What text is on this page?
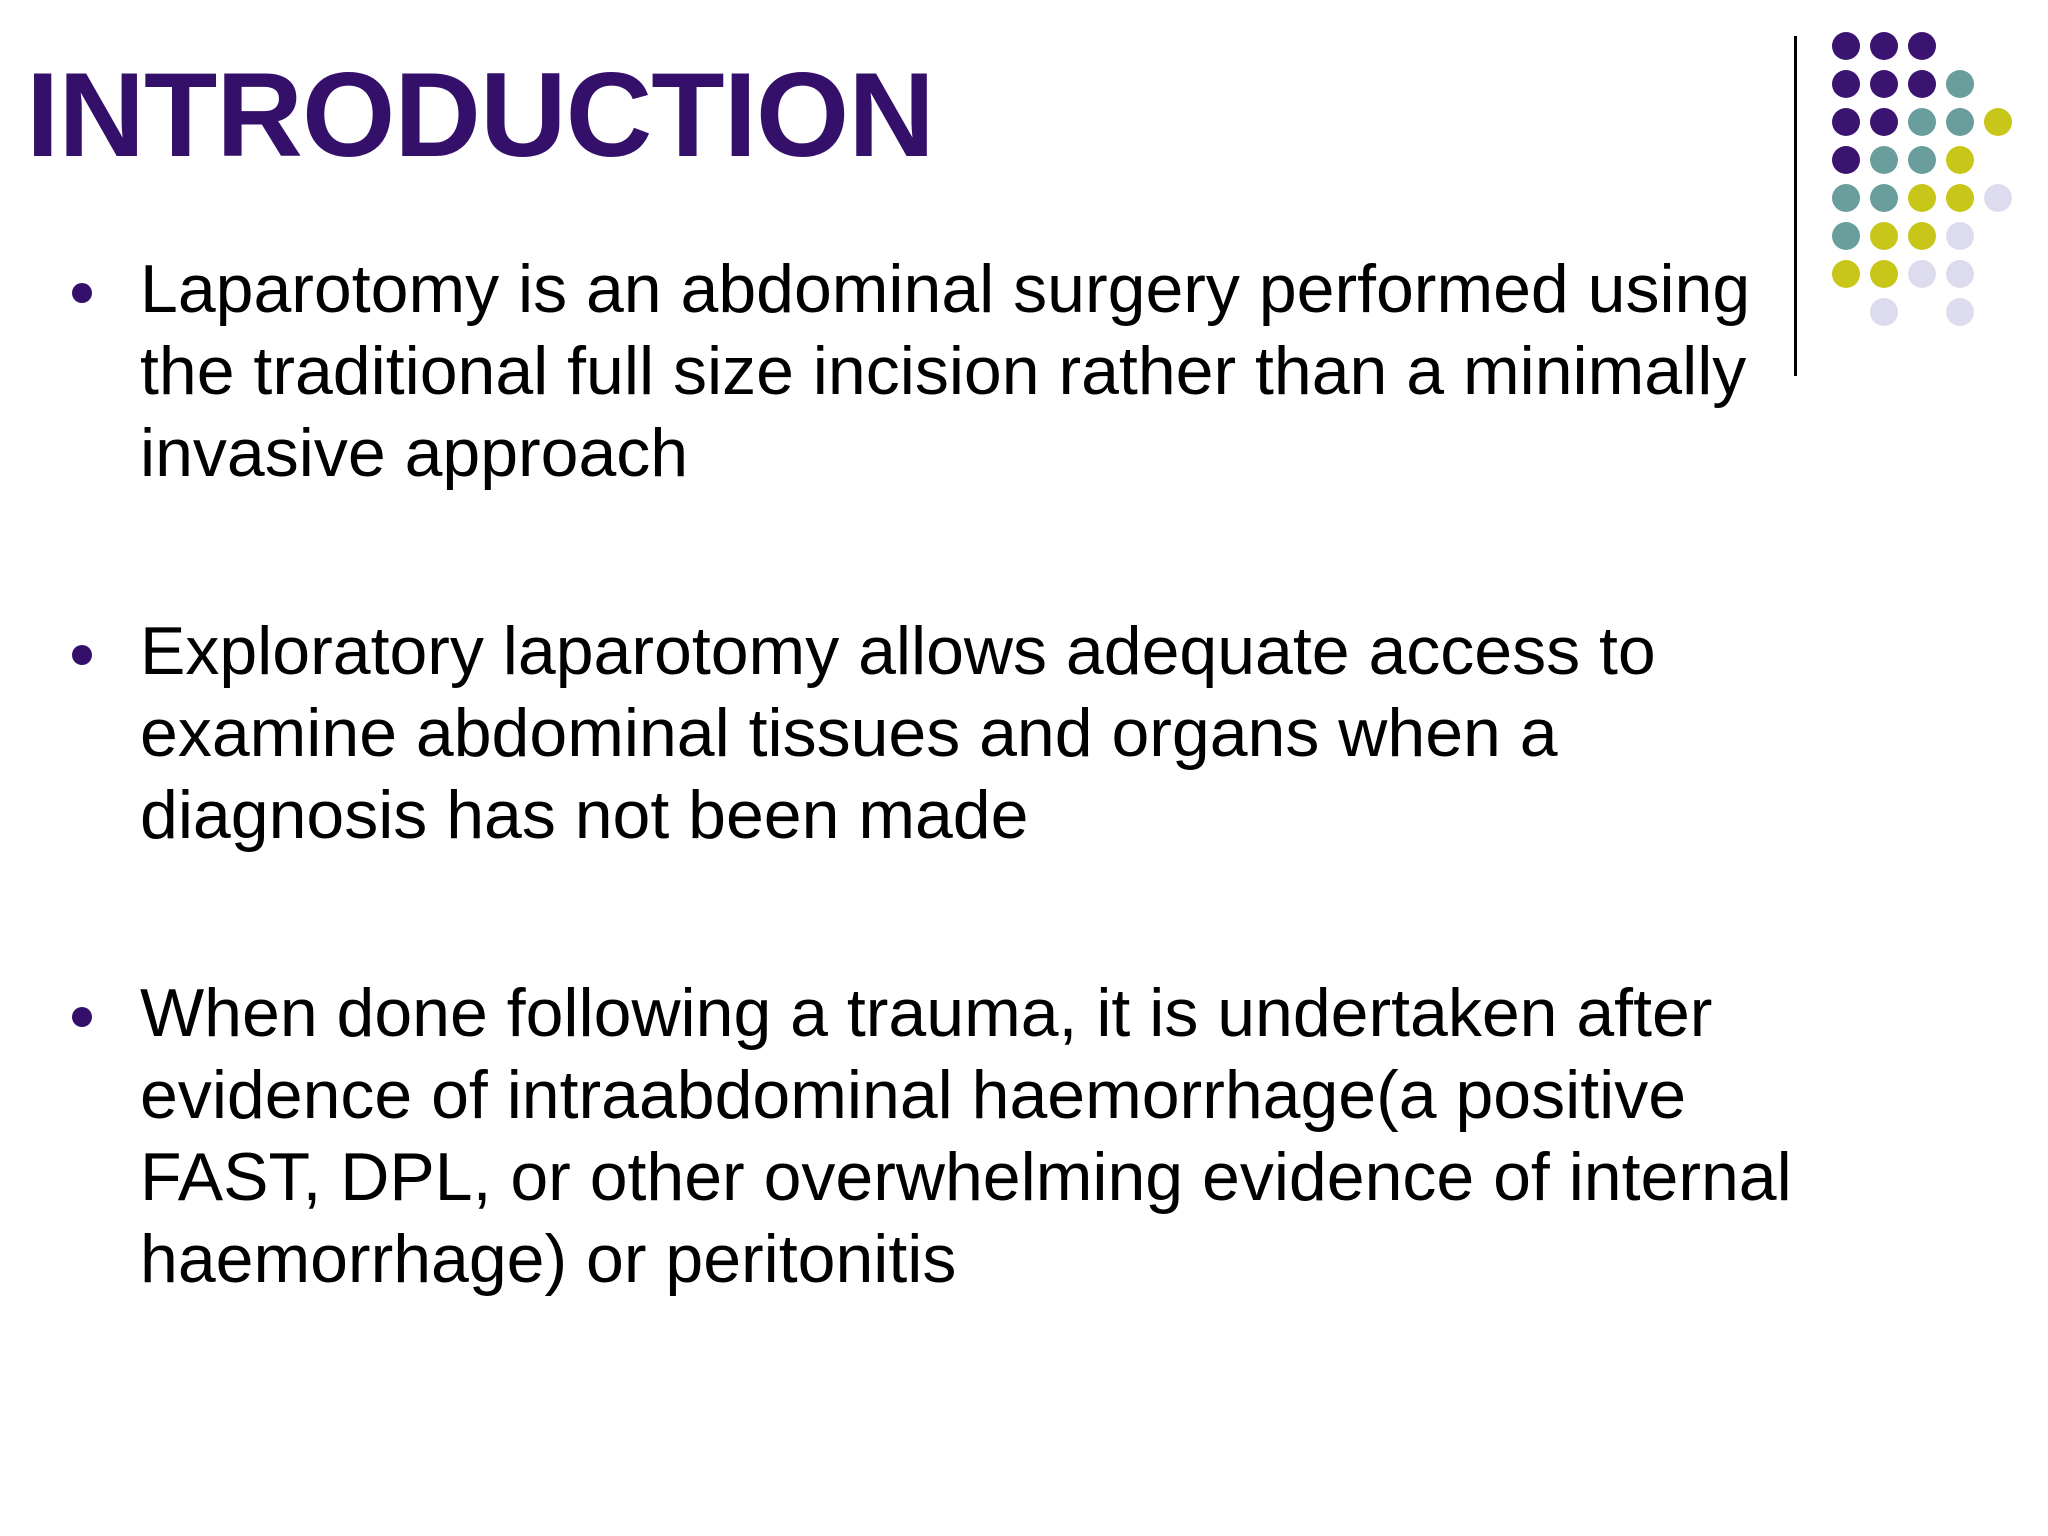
INTRODUCTION
Laparotomy is an abdominal surgery performed using the traditional full size incision rather than a minimally invasive approach
Exploratory laparotomy allows adequate access to examine abdominal tissues and organs when a diagnosis has not been made
When done following a trauma, it is undertaken after evidence of intraabdominal haemorrhage(a positive FAST, DPL, or other overwhelming evidence of internal haemorrhage) or peritonitis
